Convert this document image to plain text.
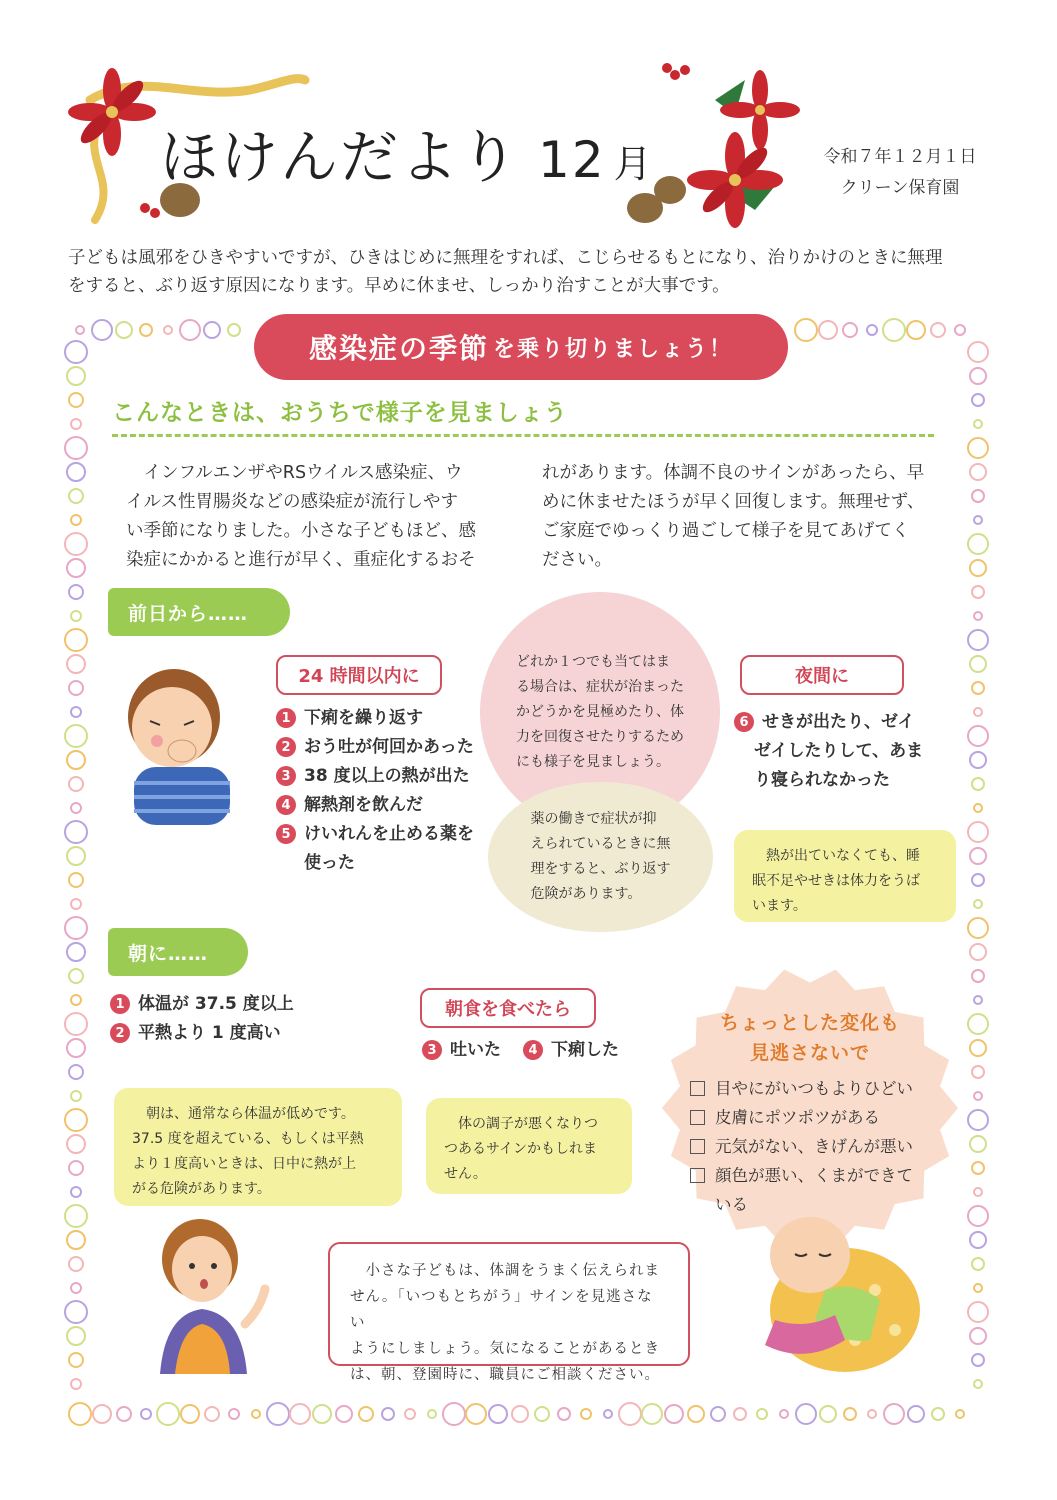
ほけんだより 12 月	令和７年１２月１日
クリーン保育園
子どもは風邪をひきやすいですが、ひきはじめに無理をすれば、こじらせるもとになり、治りかけのときに無理
をすると、ぶり返す原因になります。早めに休ませ、しっかり治すことが大事です。
感染症の季節 を乗り切りましょう！
こんなときは、おうちで様子を見ましょう
　インフルエンザやRSウイルス感染症、ウ
イルス性胃腸炎などの感染症が流行しやす
い季節になりました。小さな子どもほど、感
染症にかかると進行が早く、重症化するおそ
れがあります。体調不良のサインがあったら、早
めに休ませたほうが早く回復します。無理せず、
ご家庭でゆっくり過ごして様子を見てあげてく
ださい。
前日から……
24 時間以内に
1 下痢を繰り返す
2 おう吐が何回かあった
3 38 度以上の熱が出た
4 解熱剤を飲んだ
5 けいれんを止める薬を
使った
どれか１つでも当てはま
る場合は、症状が治まった
かどうかを見極めたり、体
力を回復させたりするため
にも様子を見ましょう。
薬の働きで症状が抑
えられているときに無
理をすると、ぶり返す
危険があります。
夜間に
6 せきが出たり、ゼイ
ゼイしたりして、あま
り寝られなかった
　熱が出ていなくても、睡
眠不足やせきは体力をうば
います。
朝に……
1 体温が 37.5 度以上
2 平熱より 1 度高い
　朝は、通常なら体温が低めです。
37.5 度を超えている、もしくは平熱
より１度高いときは、日中に熱が上
がる危険があります。
朝食を食べたら
3 吐いた	4 下痢した
　体の調子が悪くなりつ
つあるサインかもしれま
せん。
ちょっとした変化も
見逃さないで
目やにがいつもよりひどい
皮膚にポツポツがある
元気がない、きげんが悪い
顔色が悪い、くまができて
いる
　小さな子どもは、体調をうまく伝えられま
せん。「いつもとちがう」サインを見逃さない
ようにしましょう。気になることがあるとき
は、朝、登園時に、職員にご相談ください。
